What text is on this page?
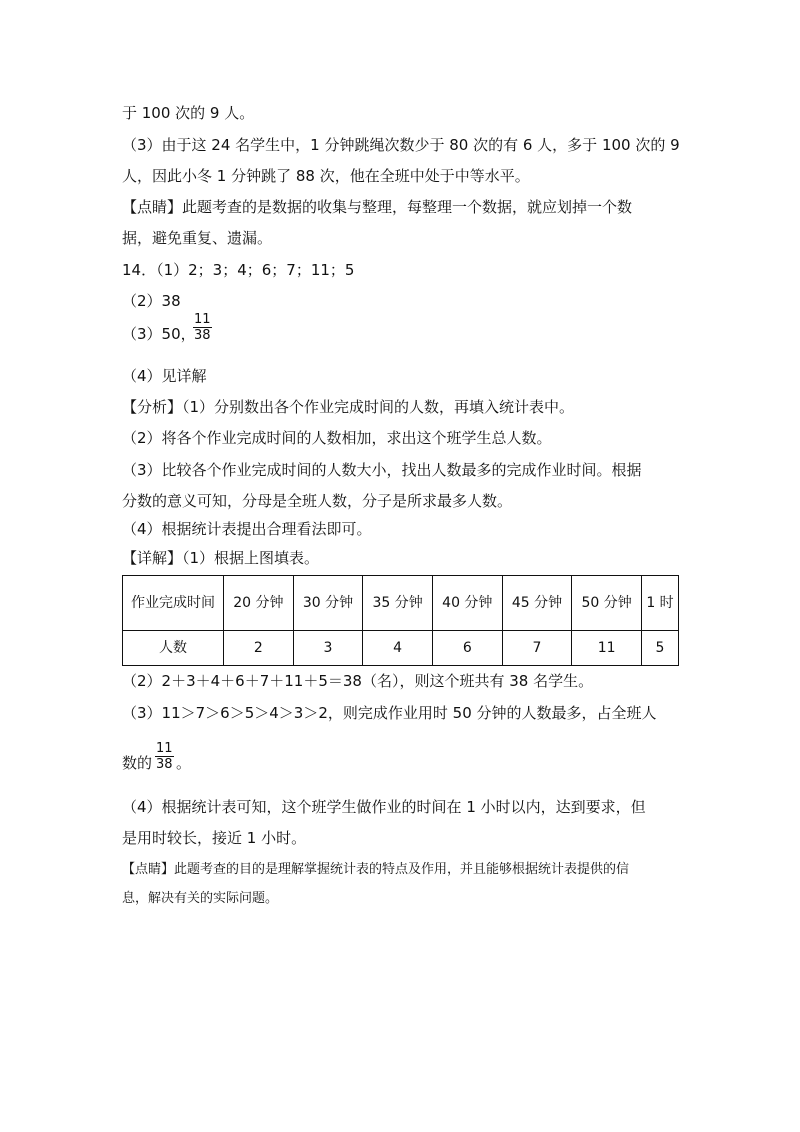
于 100 次的 9 人。
（3）由于这 24 名学生中，1 分钟跳绳次数少于 80 次的有 6 人，多于 100 次的 9
人，因此小冬 1 分钟跳了 88 次，他在全班中处于中等水平。
【点睛】此题考查的是数据的收集与整理，每整理一个数据，就应划掉一个数
据，避免重复、遗漏。
14．（1）2；3；4；6；7；11；5
（2）38
（3）50，
$\frac{11}{38}$
（4）见详解
【分析】（1）分别数出各个作业完成时间的人数，再填入统计表中。
（2）将各个作业完成时间的人数相加，求出这个班学生总人数。
（3）比较各个作业完成时间的人数大小，找出人数最多的完成作业时间。根据
分数的意义可知，分母是全班人数，分子是所求最多人数。
（4）根据统计表提出合理看法即可。
【详解】（1）根据上图填表。
作业完成时间	20 分钟	30 分钟	35 分钟	40 分钟	45 分钟	50 分钟	1 时
人数	2	3	4	6	7	11	5
（2）2＋3＋4＋6＋7＋11＋5＝38（名），则这个班共有 38 名学生。
（3）11＞7＞6＞5＞4＞3＞2，则完成作业用时 50 分钟的人数最多，占全班人
数的 $\frac{11}{38}$ 。
（4）根据统计表可知，这个班学生做作业的时间在 1 小时以内，达到要求，但
是用时较长，接近 1 小时。
【点睛】此题考查的目的是理解掌握统计表的特点及作用，并且能够根据统计表提供的信
息，解决有关的实际问题。
